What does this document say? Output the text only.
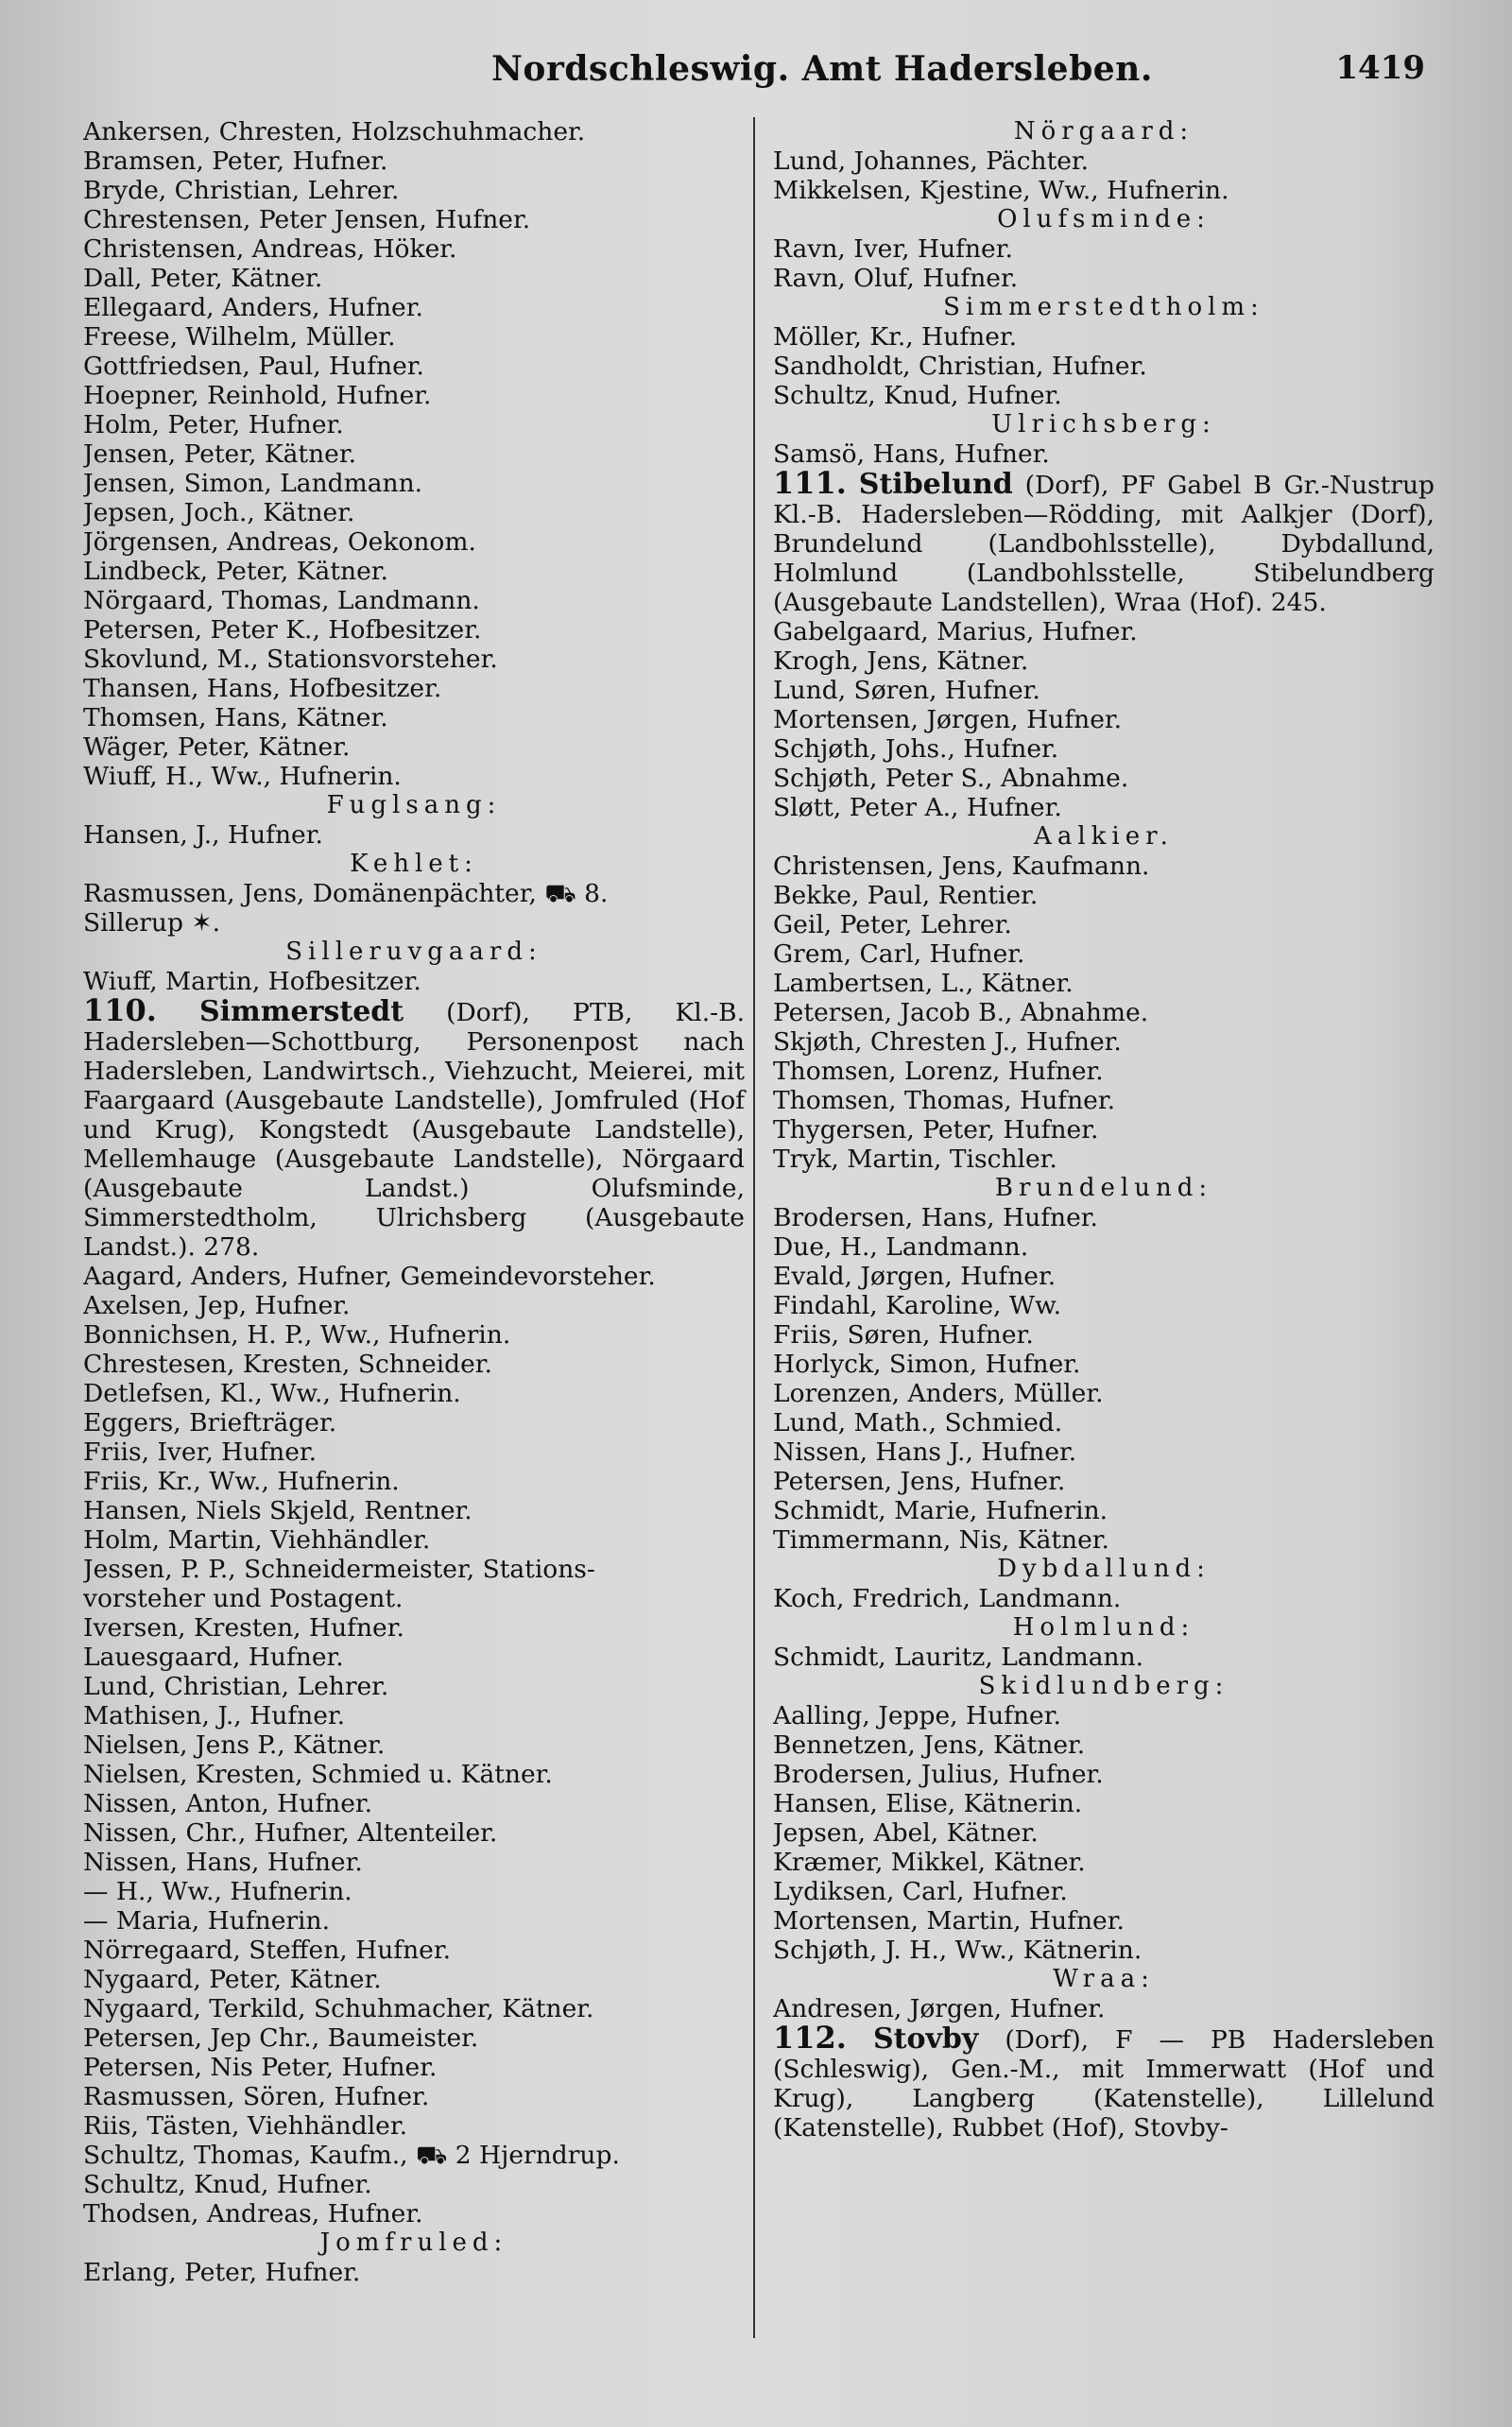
Nordschleswig. Amt Hadersleben.	1419
Ankersen, Chresten, Holzschuhmacher.
Bramsen, Peter, Hufner.
Bryde, Christian, Lehrer.
Chrestensen, Peter Jensen, Hufner.
Christensen, Andreas, Höker.
Dall, Peter, Kätner.
Ellegaard, Anders, Hufner.
Freese, Wilhelm, Müller.
Gottfriedsen, Paul, Hufner.
Hoepner, Reinhold, Hufner.
Holm, Peter, Hufner.
Jensen, Peter, Kätner.
Jensen, Simon, Landmann.
Jepsen, Joch., Kätner.
Jörgensen, Andreas, Oekonom.
Lindbeck, Peter, Kätner.
Nörgaard, Thomas, Landmann.
Petersen, Peter K., Hofbesitzer.
Skovlund, M., Stationsvorsteher.
Thansen, Hans, Hofbesitzer.
Thomsen, Hans, Kätner.
Wäger, Peter, Kätner.
Wiuff, H., Ww., Hufnerin.
Fuglsang:
Hansen, J., Hufner.
Kehlet:
Rasmussen, Jens, Domänenpächter, ⛟ 8.
Sillerup ✶.
Silleruvgaard:
Wiuff, Martin, Hofbesitzer.
110. Simmerstedt (Dorf), PTB, Kl.-B. Hadersleben—Schottburg, Personenpost nach Hadersleben, Landwirtsch., Viehzucht, Meierei, mit Faargaard (Ausgebaute Landstelle), Jomfruled (Hof und Krug), Kongstedt (Ausgebaute Landstelle), Mellemhauge (Ausgebaute Landstelle), Nörgaard (Ausgebaute Landst.) Olufsminde, Simmerstedtholm, Ulrichsberg (Ausgebaute Landst.). 278.
Aagard, Anders, Hufner, Gemeindevorsteher.
Axelsen, Jep, Hufner.
Bonnichsen, H. P., Ww., Hufnerin.
Chrestesen, Kresten, Schneider.
Detlefsen, Kl., Ww., Hufnerin.
Eggers, Briefträger.
Friis, Iver, Hufner.
Friis, Kr., Ww., Hufnerin.
Hansen, Niels Skjeld, Rentner.
Holm, Martin, Viehhändler.
Jessen, P. P., Schneidermeister, Stations-
vorsteher und Postagent.
Iversen, Kresten, Hufner.
Lauesgaard, Hufner.
Lund, Christian, Lehrer.
Mathisen, J., Hufner.
Nielsen, Jens P., Kätner.
Nielsen, Kresten, Schmied u. Kätner.
Nissen, Anton, Hufner.
Nissen, Chr., Hufner, Altenteiler.
Nissen, Hans, Hufner.
— H., Ww., Hufnerin.
— Maria, Hufnerin.
Nörregaard, Steffen, Hufner.
Nygaard, Peter, Kätner.
Nygaard, Terkild, Schuhmacher, Kätner.
Petersen, Jep Chr., Baumeister.
Petersen, Nis Peter, Hufner.
Rasmussen, Sören, Hufner.
Riis, Tästen, Viehhändler.
Schultz, Thomas, Kaufm., ⛟ 2 Hjerndrup.
Schultz, Knud, Hufner.
Thodsen, Andreas, Hufner.
Jomfruled:
Erlang, Peter, Hufner.
Nörgaard:
Lund, Johannes, Pächter.
Mikkelsen, Kjestine, Ww., Hufnerin.
Olufsminde:
Ravn, Iver, Hufner.
Ravn, Oluf, Hufner.
Simmerstedtholm:
Möller, Kr., Hufner.
Sandholdt, Christian, Hufner.
Schultz, Knud, Hufner.
Ulrichsberg:
Samsö, Hans, Hufner.
111. Stibelund (Dorf), PF Gabel B Gr.-Nustrup Kl.-B. Hadersleben—Rödding, mit Aalkjer (Dorf), Brundelund (Landbohlsstelle), Dybdallund, Holmlund (Landbohlsstelle, Stibelundberg (Ausgebaute Landstellen), Wraa (Hof). 245.
Gabelgaard, Marius, Hufner.
Krogh, Jens, Kätner.
Lund, Søren, Hufner.
Mortensen, Jørgen, Hufner.
Schjøth, Johs., Hufner.
Schjøth, Peter S., Abnahme.
Sløtt, Peter A., Hufner.
Aalkier.
Christensen, Jens, Kaufmann.
Bekke, Paul, Rentier.
Geil, Peter, Lehrer.
Grem, Carl, Hufner.
Lambertsen, L., Kätner.
Petersen, Jacob B., Abnahme.
Skjøth, Chresten J., Hufner.
Thomsen, Lorenz, Hufner.
Thomsen, Thomas, Hufner.
Thygersen, Peter, Hufner.
Tryk, Martin, Tischler.
Brundelund:
Brodersen, Hans, Hufner.
Due, H., Landmann.
Evald, Jørgen, Hufner.
Findahl, Karoline, Ww.
Friis, Søren, Hufner.
Horlyck, Simon, Hufner.
Lorenzen, Anders, Müller.
Lund, Math., Schmied.
Nissen, Hans J., Hufner.
Petersen, Jens, Hufner.
Schmidt, Marie, Hufnerin.
Timmermann, Nis, Kätner.
Dybdallund:
Koch, Fredrich, Landmann.
Holmlund:
Schmidt, Lauritz, Landmann.
Skidlundberg:
Aalling, Jeppe, Hufner.
Bennetzen, Jens, Kätner.
Brodersen, Julius, Hufner.
Hansen, Elise, Kätnerin.
Jepsen, Abel, Kätner.
Kræmer, Mikkel, Kätner.
Lydiksen, Carl, Hufner.
Mortensen, Martin, Hufner.
Schjøth, J. H., Ww., Kätnerin.
Wraa:
Andresen, Jørgen, Hufner.
112. Stovby (Dorf), F — PB Hadersleben (Schleswig), Gen.-M., mit Immerwatt (Hof und Krug), Langberg (Katenstelle), Lillelund (Katenstelle), Rubbet (Hof), Stovby-
